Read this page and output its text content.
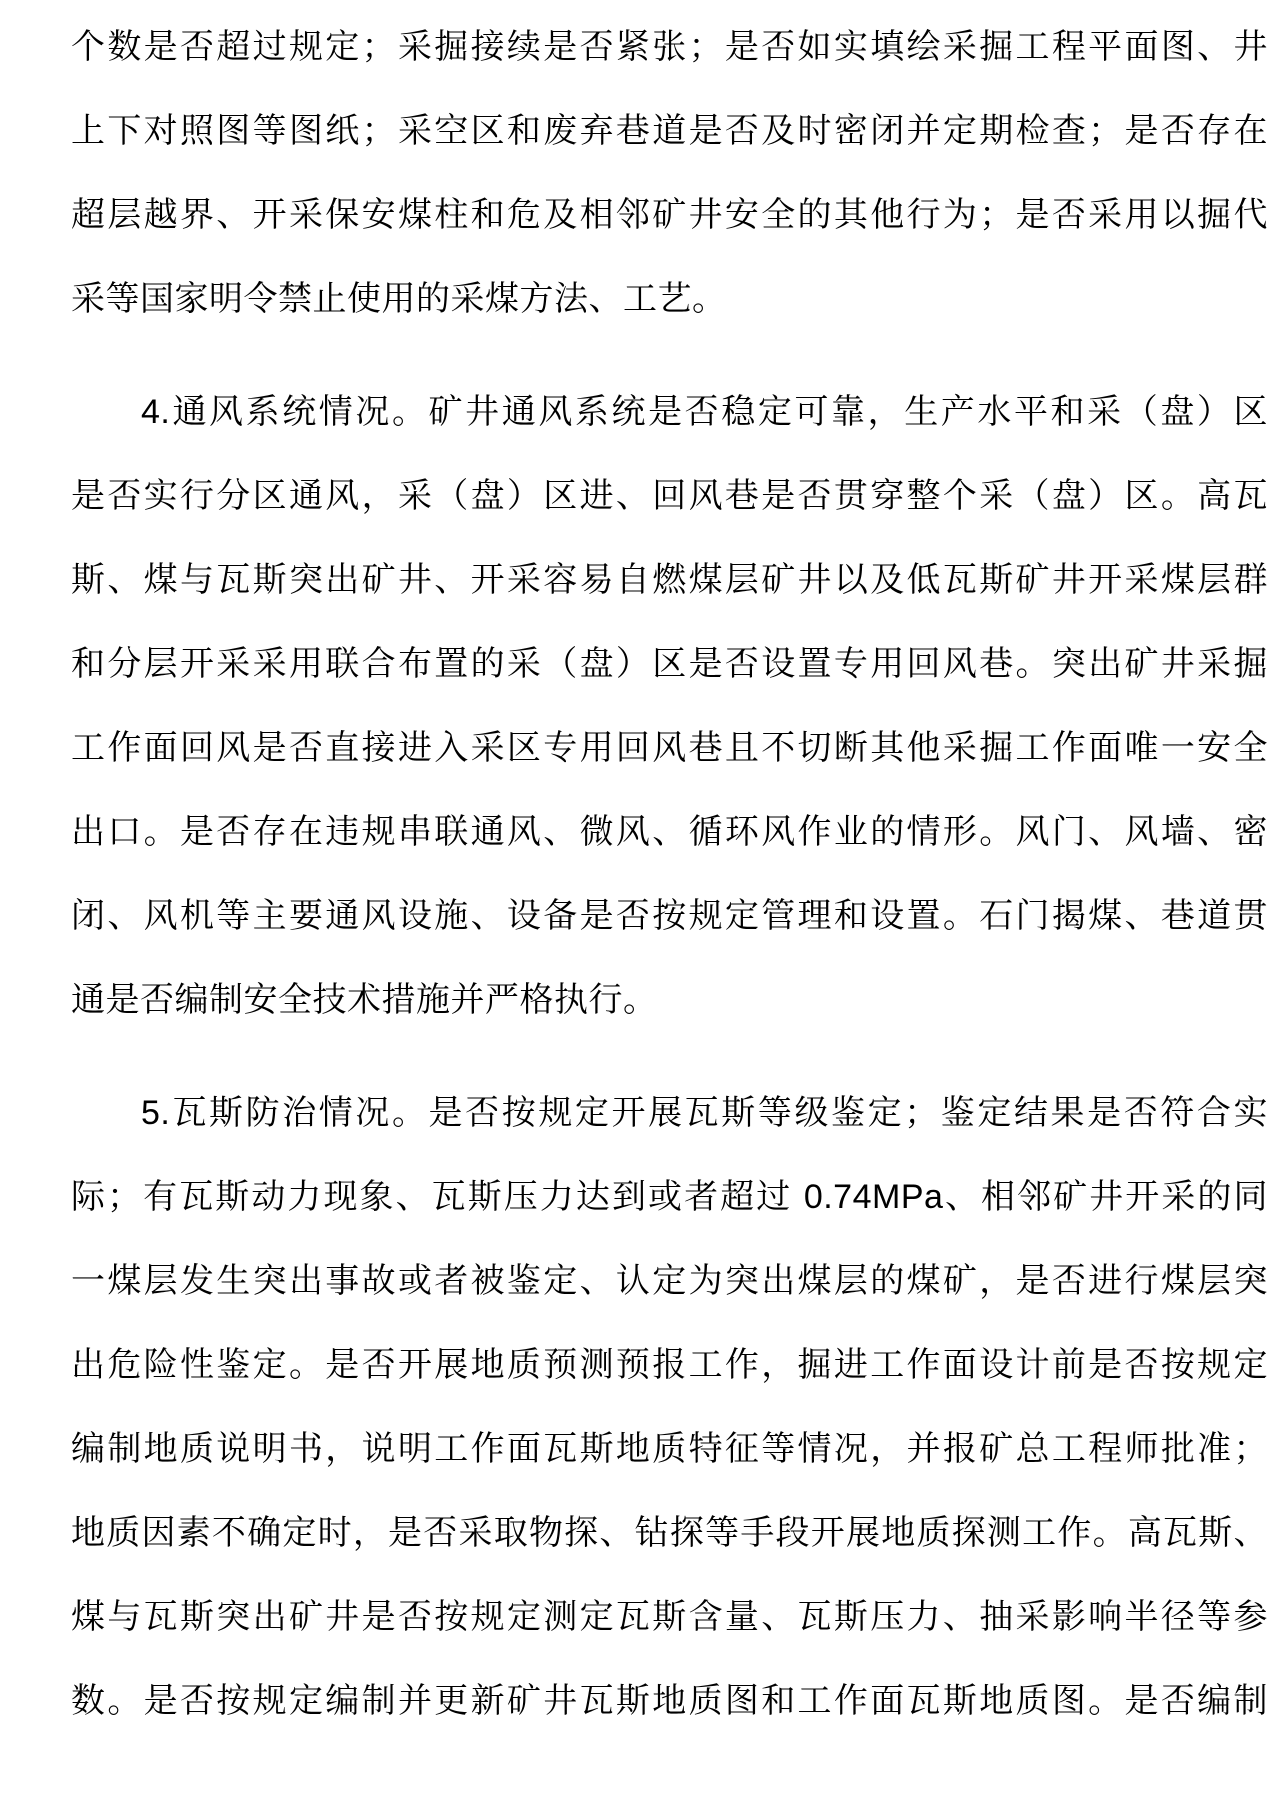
个数是否超过规定；采掘接续是否紧张；是否如实填绘采掘工程平面图、井
上下对照图等图纸；采空区和废弃巷道是否及时密闭并定期检查；是否存在
超层越界、开采保安煤柱和危及相邻矿井安全的其他行为；是否采用以掘代
采等国家明令禁止使用的采煤方法、工艺。
4.通风系统情况。矿井通风系统是否稳定可靠，生产水平和采（盘）区
是否实行分区通风，采（盘）区进、回风巷是否贯穿整个采（盘）区。高瓦
斯、煤与瓦斯突出矿井、开采容易自燃煤层矿井以及低瓦斯矿井开采煤层群
和分层开采采用联合布置的采（盘）区是否设置专用回风巷。突出矿井采掘
工作面回风是否直接进入采区专用回风巷且不切断其他采掘工作面唯一安全
出口。是否存在违规串联通风、微风、循环风作业的情形。风门、风墙、密
闭、风机等主要通风设施、设备是否按规定管理和设置。石门揭煤、巷道贯
通是否编制安全技术措施并严格执行。
5.瓦斯防治情况。是否按规定开展瓦斯等级鉴定；鉴定结果是否符合实
际；有瓦斯动力现象、瓦斯压力达到或者超过 0.74MPa、相邻矿井开采的同
一煤层发生突出事故或者被鉴定、认定为突出煤层的煤矿，是否进行煤层突
出危险性鉴定。是否开展地质预测预报工作，掘进工作面设计前是否按规定
编制地质说明书，说明工作面瓦斯地质特征等情况，并报矿总工程师批准；
地质因素不确定时，是否采取物探、钻探等手段开展地质探测工作。高瓦斯、
煤与瓦斯突出矿井是否按规定测定瓦斯含量、瓦斯压力、抽采影响半径等参
数。是否按规定编制并更新矿井瓦斯地质图和工作面瓦斯地质图。是否编制
